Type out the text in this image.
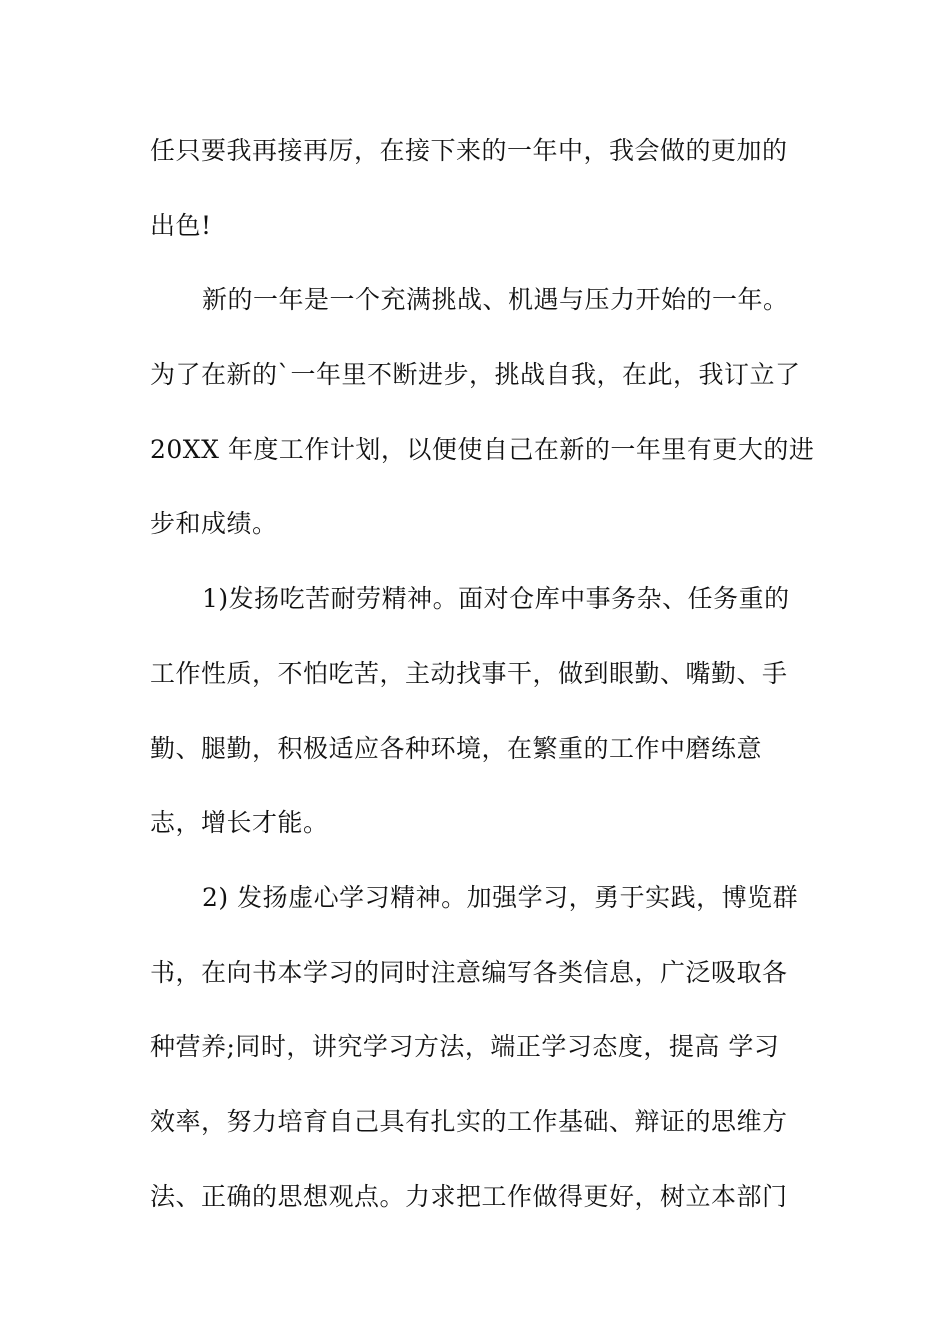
任只要我再接再厉，在接下来的一年中，我会做的更加的
出色!
新的一年是一个充满挑战、机遇与压力开始的一年。
为了在新的`一年里不断进步，挑战自我，在此，我订立了
20XX 年度工作计划，以便使自己在新的一年里有更大的进
步和成绩。
1)发扬吃苦耐劳精神。面对仓库中事务杂、任务重的
工作性质，不怕吃苦，主动找事干，做到眼勤、嘴勤、手
勤、腿勤，积极适应各种环境，在繁重的工作中磨练意
志，增长才能。
2) 发扬虚心学习精神。加强学习，勇于实践，博览群
书，在向书本学习的同时注意编写各类信息，广泛吸取各
种营养;同时，讲究学习方法，端正学习态度，提高 学习
效率，努力培育自己具有扎实的工作基础、辩证的思维方
法、正确的思想观点。力求把工作做得更好，树立本部门
